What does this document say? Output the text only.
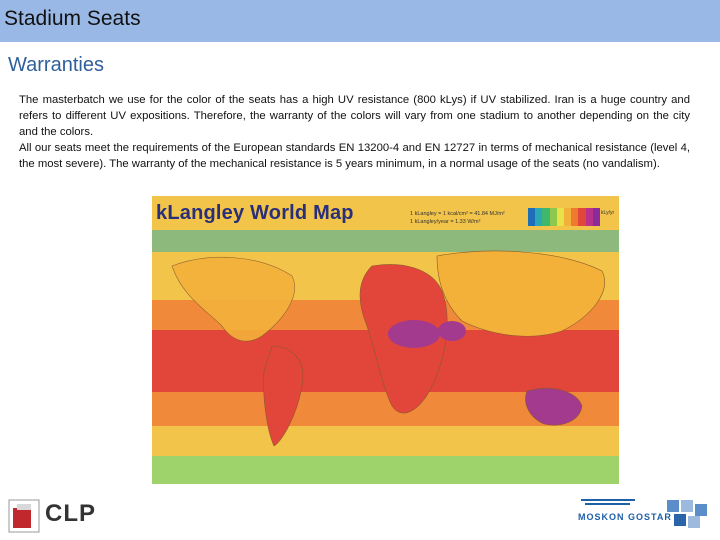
Stadium Seats
Warranties

The masterbatch we use for the color of the seats has a high UV resistance (800 kLys) if UV stabilized. Iran is a huge country and refers to different UV expositions. Therefore, the warranty of the colors will vary from one stadium to another depending on the city and the colors.

All our seats meet the requirements of the European standards EN 13200-4 and EN 12727 in terms of mechanical resistance (level 4, the most severe). The warranty of the mechanical resistance is 5 years minimum, in a normal usage of the seats (no vandalism).

kLangley World Map	1 kLangley = 1 kcal/cm² = 41.84 MJ/m²
1 kLangley/year = 1.33 W/m²
kLy/yr
CLP	MOSKON GOSTAR
